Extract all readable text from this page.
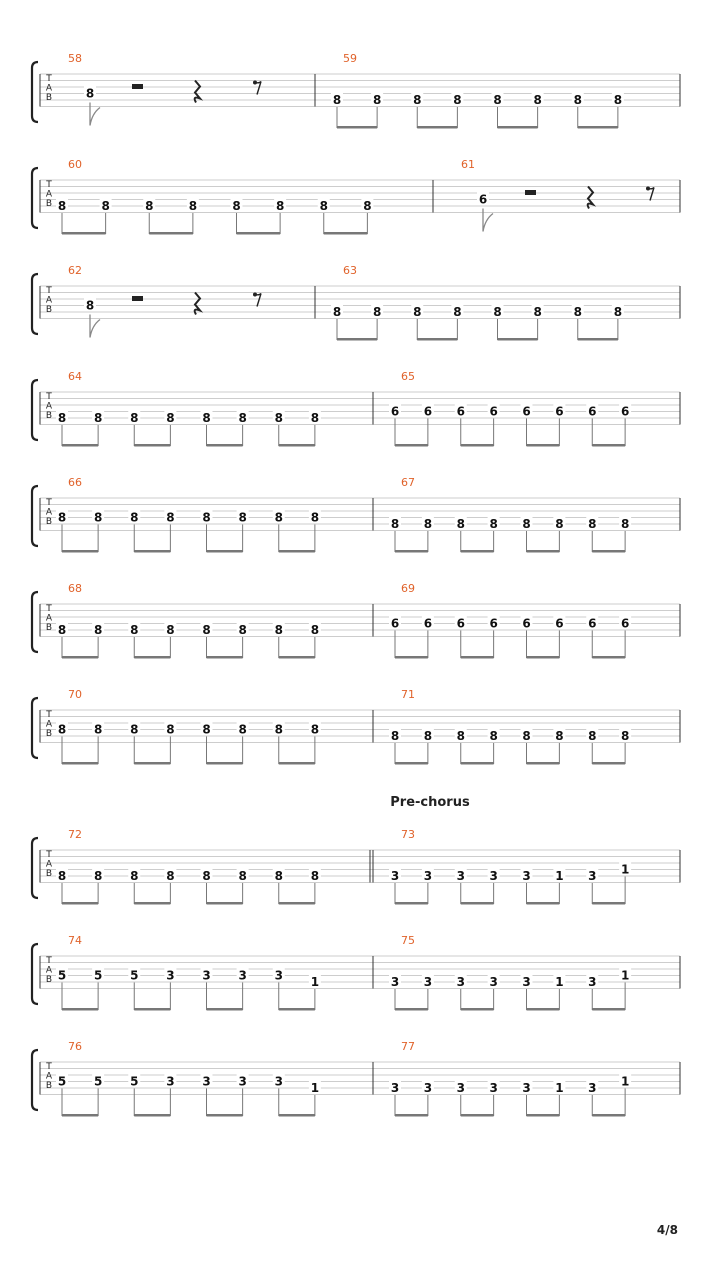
T
A
B
58
8
59
8	8	8	8	8	8	8	8
T
A
B
60
8	8	8	8	8	8	8	8
61
6
T
A
B
62
8
63
8	8	8	8	8	8	8	8
T
A
B
64
8 8 8 8 8 8 8 8
65
6 6 6 6 6 6 6 6
T
A
B
66
8 8 8 8 8 8 8 8
67
8 8 8 8 8 8 8 8
T
A
B
68
8 8 8 8 8 8 8 8
69
6 6 6 6 6 6 6 6
T
A
B
70
8 8 8 8 8 8 8 8
71
8 8 8 8 8 8 8 8
Pre-chorus
T
A
B
72
8 8 8 8 8 8 8 8
73
3 3 3 3 3 1 3 1
T
A
B
74
5 5 5 3 3 3 3 1
75
3 3 3 3 3 1 3 1
T
A
B
76
5 5 5 3 3 3 3 1
77
3 3 3 3 3 1 3 1
4/8
